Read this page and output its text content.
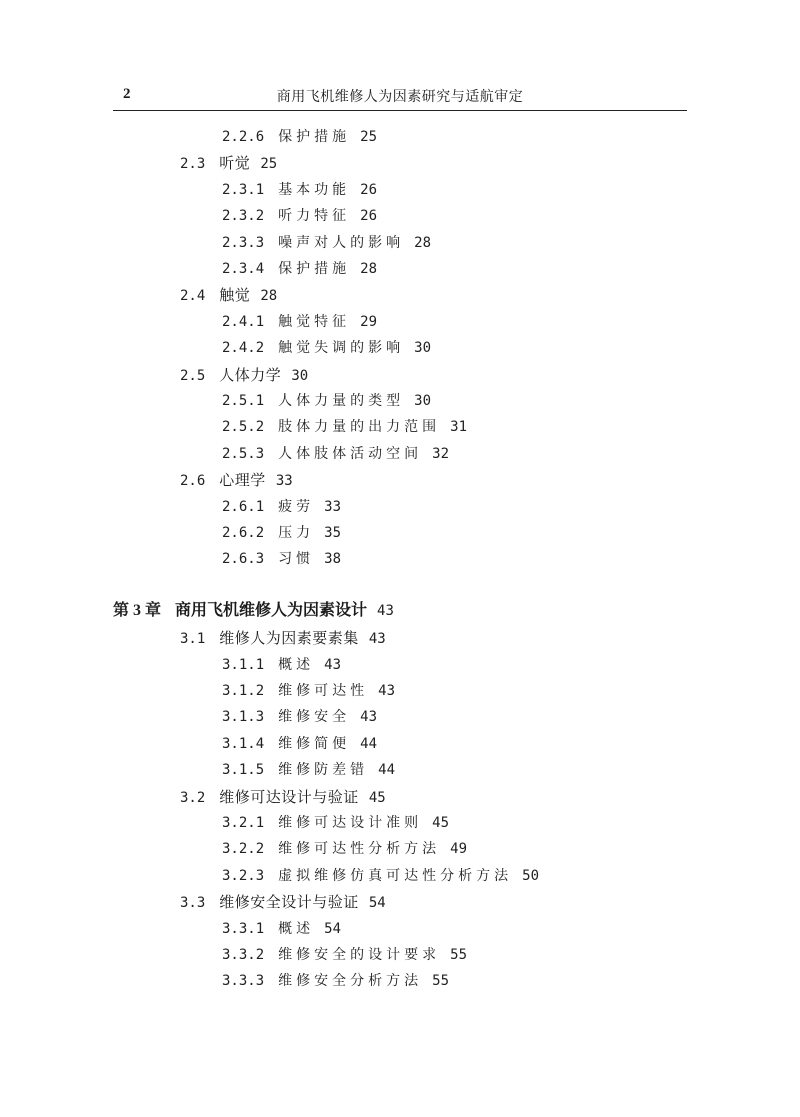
2	商用飞机维修人为因素研究与适航审定
2.2.6 保护措施 25
2.3 听觉 25
2.3.1 基本功能 26
2.3.2 听力特征 26
2.3.3 噪声对人的影响 28
2.3.4 保护措施 28
2.4 触觉 28
2.4.1 触觉特征 29
2.4.2 触觉失调的影响 30
2.5 人体力学 30
2.5.1 人体力量的类型 30
2.5.2 肢体力量的出力范围 31
2.5.3 人体肢体活动空间 32
2.6 心理学 33
2.6.1 疲劳 33
2.6.2 压力 35
2.6.3 习惯 38
第 3 章 商用飞机维修人为因素设计 43
3.1 维修人为因素要素集 43
3.1.1 概述 43
3.1.2 维修可达性 43
3.1.3 维修安全 43
3.1.4 维修简便 44
3.1.5 维修防差错 44
3.2 维修可达设计与验证 45
3.2.1 维修可达设计准则 45
3.2.2 维修可达性分析方法 49
3.2.3 虚拟维修仿真可达性分析方法 50
3.3 维修安全设计与验证 54
3.3.1 概述 54
3.3.2 维修安全的设计要求 55
3.3.3 维修安全分析方法 55
